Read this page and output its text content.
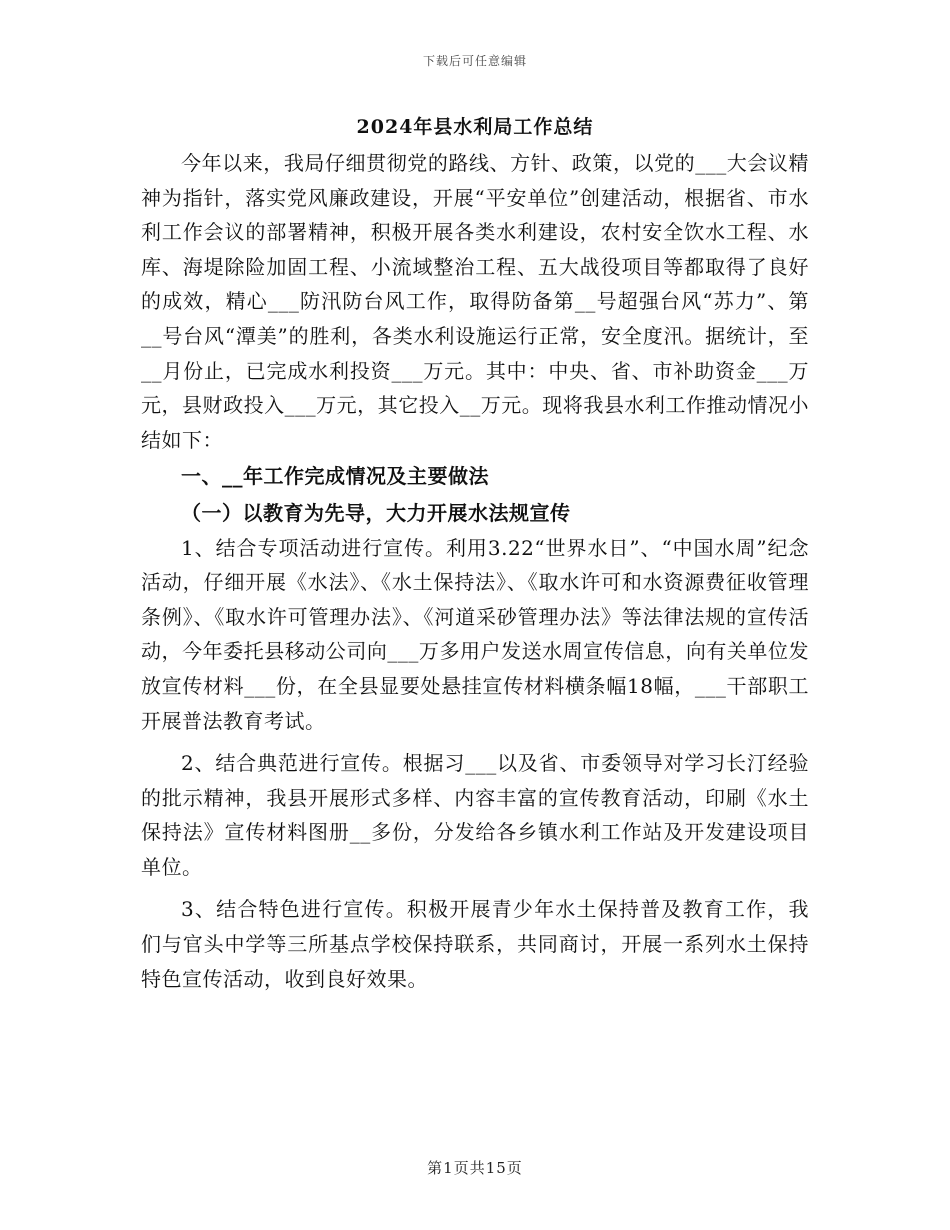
下载后可任意编辑
2024年县水利局工作总结

今年以来，我局仔细贯彻党的路线、方针、政策，以党的___大会议精神为指针，落实党风廉政建设，开展“平安单位”创建活动，根据省、市水利工作会议的部署精神，积极开展各类水利建设，农村安全饮水工程、水库、海堤除险加固工程、小流域整治工程、五大战役项目等都取得了良好的成效，精心___防汛防台风工作，取得防备第__号超强台风“苏力”、第__号台风“潭美”的胜利，各类水利设施运行正常，安全度汛。据统计，至__月份止，已完成水利投资___万元。其中：中央、省、市补助资金___万元，县财政投入___万元，其它投入__万元。现将我县水利工作推动情况小结如下：

一、__年工作完成情况及主要做法

（一）以教育为先导，大力开展水法规宣传

1、结合专项活动进行宣传。利用3.22“世界水日”、“中国水周”纪念活动，仔细开展《水法》、《水土保持法》、《取水许可和水资源费征收管理条例》、《取水许可管理办法》、《河道采砂管理办法》等法律法规的宣传活动，今年委托县移动公司向___万多用户发送水周宣传信息，向有关单位发放宣传材料___份，在全县显要处悬挂宣传材料横条幅18幅，___干部职工开展普法教育考试。

2、结合典范进行宣传。根据习___以及省、市委领导对学习长汀经验的批示精神，我县开展形式多样、内容丰富的宣传教育活动，印刷《水土保持法》宣传材料图册__多份，分发给各乡镇水利工作站及开发建设项目单位。

3、结合特色进行宣传。积极开展青少年水土保持普及教育工作，我们与官头中学等三所基点学校保持联系，共同商讨，开展一系列水土保持特色宣传活动，收到良好效果。

第1页共15页
